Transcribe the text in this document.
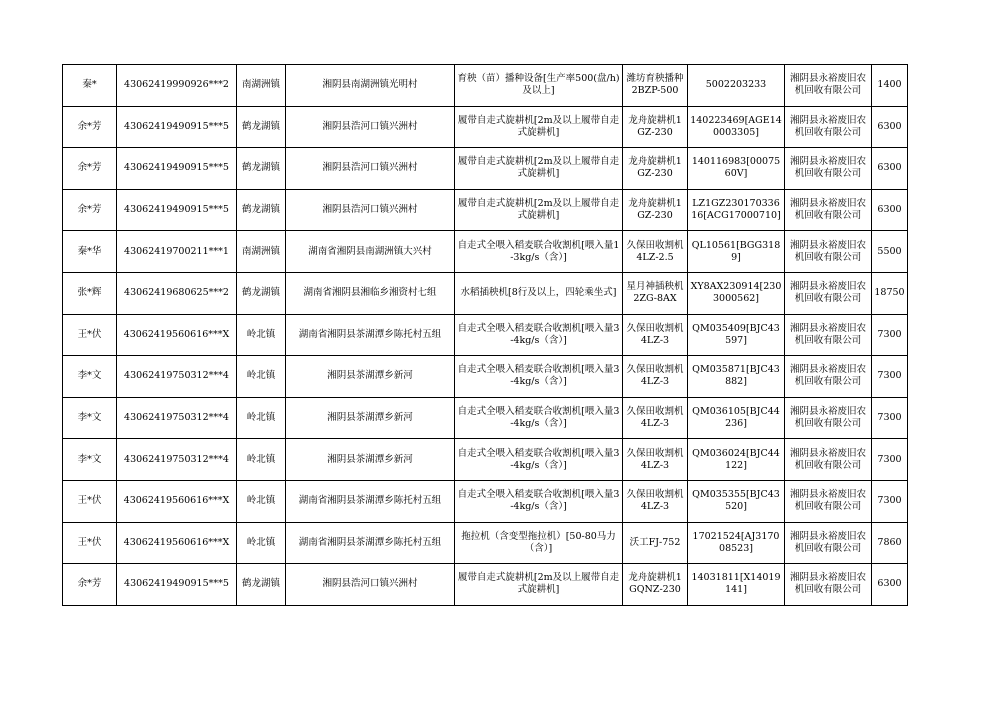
秦*	43062419990926***2	南湖洲镇	湘阴县南湖洲镇光明村	育秧（苗）播种设备[生产率500(盘/h)及以上]	潍坊育秧播种2BZP-500	5002203233	湘阴县永裕废旧农机回收有限公司	1400
余*芳	43062419490915***5	鹤龙湖镇	湘阴县浩河口镇兴洲村	履带自走式旋耕机[2m及以上履带自走式旋耕机]	龙舟旋耕机1GZ-230	140223469[AGE140003305]	湘阴县永裕废旧农机回收有限公司	6300
余*芳	43062419490915***5	鹤龙湖镇	湘阴县浩河口镇兴洲村	履带自走式旋耕机[2m及以上履带自走式旋耕机]	龙舟旋耕机1GZ-230	140116983[0007560V]	湘阴县永裕废旧农机回收有限公司	6300
余*芳	43062419490915***5	鹤龙湖镇	湘阴县浩河口镇兴洲村	履带自走式旋耕机[2m及以上履带自走式旋耕机]	龙舟旋耕机1GZ-230	LZ1GZ23017033616[ACG17000710]	湘阴县永裕废旧农机回收有限公司	6300
秦*华	43062419700211***1	南湖洲镇	湖南省湘阴县南湖洲镇大兴村	自走式全喂入稻麦联合收割机[喂入量1-3kg/s（含）]	久保田收割机4LZ-2.5	QL10561[BGG3189]	湘阴县永裕废旧农机回收有限公司	5500
张*辉	43062419680625***2	鹤龙湖镇	湖南省湘阴县湘临乡湘资村七组	水稻插秧机[8行及以上，四轮乘坐式]	星月神插秧机2ZG-8AX	XY8AX230914[2303000562]	湘阴县永裕废旧农机回收有限公司	18750
王*伏	43062419560616***X	岭北镇	湖南省湘阴县茶湖潭乡陈托村五组	自走式全喂入稻麦联合收割机[喂入量3-4kg/s（含）]	久保田收割机4LZ-3	QM035409[BJC43597]	湘阴县永裕废旧农机回收有限公司	7300
李*文	43062419750312***4	岭北镇	湘阴县茶湖潭乡新河	自走式全喂入稻麦联合收割机[喂入量3-4kg/s（含）]	久保田收割机4LZ-3	QM035871[BJC43882]	湘阴县永裕废旧农机回收有限公司	7300
李*文	43062419750312***4	岭北镇	湘阴县茶湖潭乡新河	自走式全喂入稻麦联合收割机[喂入量3-4kg/s（含）]	久保田收割机4LZ-3	QM036105[BJC44236]	湘阴县永裕废旧农机回收有限公司	7300
李*文	43062419750312***4	岭北镇	湘阴县茶湖潭乡新河	自走式全喂入稻麦联合收割机[喂入量3-4kg/s（含）]	久保田收割机4LZ-3	QM036024[BJC44122]	湘阴县永裕废旧农机回收有限公司	7300
王*伏	43062419560616***X	岭北镇	湖南省湘阴县茶湖潭乡陈托村五组	自走式全喂入稻麦联合收割机[喂入量3-4kg/s（含）]	久保田收割机4LZ-3	QM035355[BJC43520]	湘阴县永裕废旧农机回收有限公司	7300
王*伏	43062419560616***X	岭北镇	湖南省湘阴县茶湖潭乡陈托村五组	拖拉机（含变型拖拉机）[50-80马力（含）]	沃工FJ-752	17021524[AJ317008523]	湘阴县永裕废旧农机回收有限公司	7860
余*芳	43062419490915***5	鹤龙湖镇	湘阴县浩河口镇兴洲村	履带自走式旋耕机[2m及以上履带自走式旋耕机]	龙舟旋耕机1GQNZ-230	14031811[X14019141]	湘阴县永裕废旧农机回收有限公司	6300
